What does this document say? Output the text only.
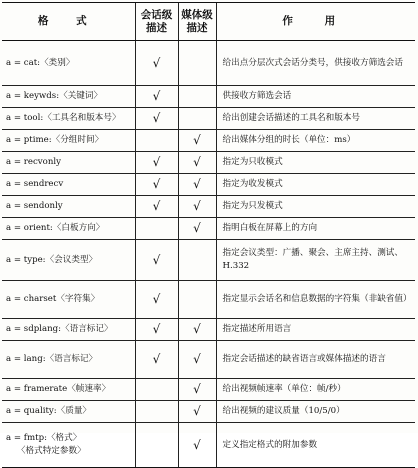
格 式	会话级描述	媒体级描述	作 用
a = cat:〈类别〉	√		给出点分层次式会话分类号，供接收方筛选会话
a = keywds:〈关键词〉	√		供接收方筛选会话
a = tool:〈工具名和版本号〉	√		给出创建会话描述的工具名和版本号
a = ptime:〈分组时间〉		√	给出媒体分组的时长（单位：ms）
a = recvonly	√	√	指定为只收模式
a = sendrecv	√	√	指定为收发模式
a = sendonly	√	√	指定为只发模式
a = orient:〈白板方向〉		√	指明白板在屏幕上的方向
a = type:〈会议类型〉	√		指定会议类型：广播、聚会、主席主持、测试、H.332
a = charset〈字符集〉	√		指定显示会话名和信息数据的字符集（非缺省值）
a = sdplang:〈语言标记〉	√	√	指定描述所用语言
a = lang:〈语言标记〉	√	√	指定会话描述的缺省语言或媒体描述的语言
a = framerate〈帧速率〉		√	给出视频帧速率（单位：帧/秒）
a = quality:〈质量〉		√	给出视频的建议质量（10/5/0）
a = fmtp:〈格式〉
〈格式特定参数〉		√	定义指定格式的附加参数
